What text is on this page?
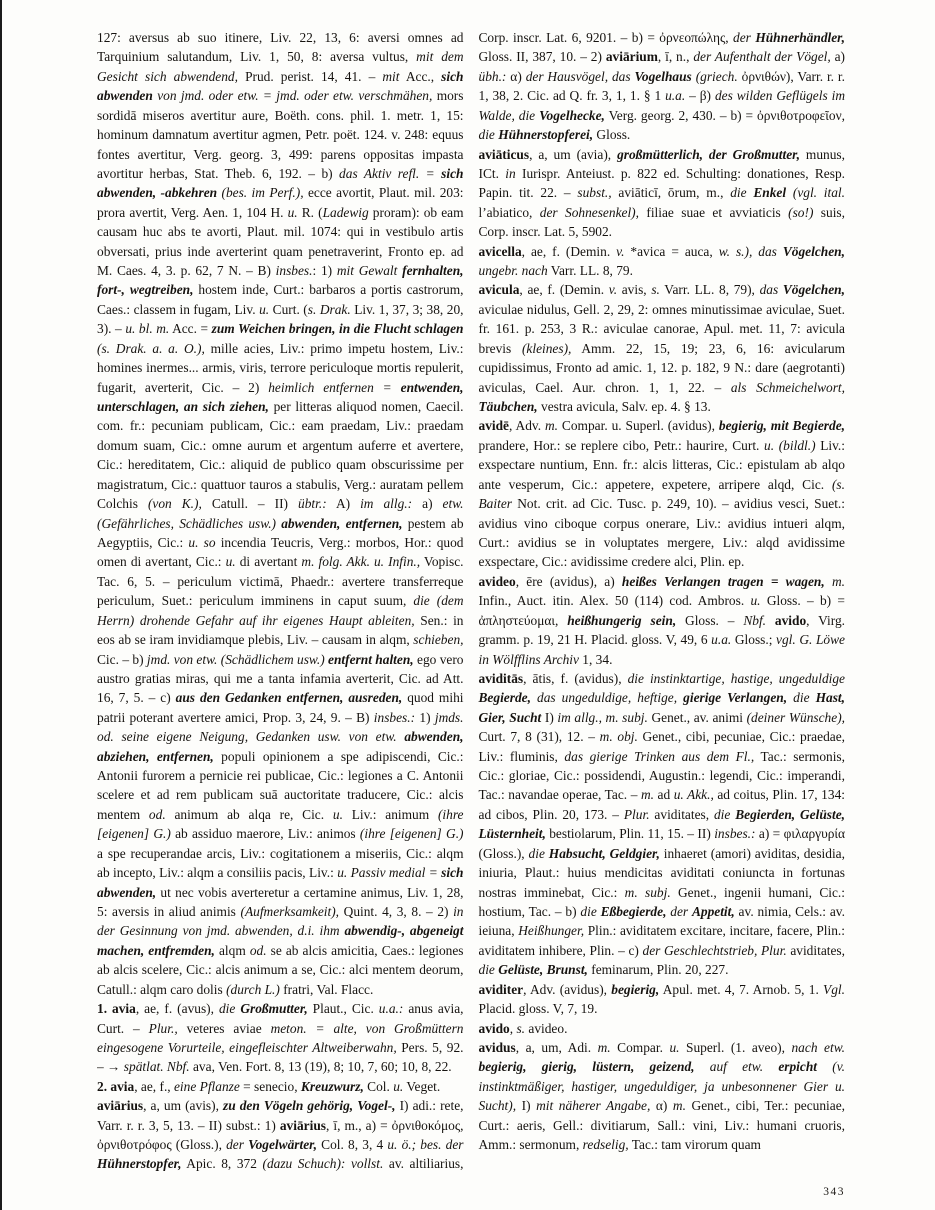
127: aversus ab suo itinere, Liv. 22, 13, 6: aversi omnes ad Tarquinium salutandum, Liv. 1, 50, 8: aversa vultus, mit dem Gesicht sich abwendend, Prud. perist. 14, 41. – mit Acc., sich abwenden von jmd. oder etw. = jmd. oder etw. verschmähen, mors sordidā miseros avertitur aure, Boëth. cons. phil. 1. metr. 1, 15: hominum damnatum avertitur agmen, Petr. poët. 124. v. 248: equus fontes avertitur, Verg. georg. 3, 499: parens oppositas impasta avortitur herbas, Stat. Theb. 6, 192. – b) das Aktiv refl. = sich abwenden, -abkehren (bes. im Perf.), ecce avortit, Plaut. mil. 203: prora avertit, Verg. Aen. 1, 104 H. u. R. (Ladewig proram): ob eam causam huc abs te avorti, Plaut. mil. 1074: qui in vestibulo artis obversati, prius inde averterint quam penetraverint, Fronto ep. ad M. Caes. 4, 3. p. 62, 7 N. – B) insbes.: 1) mit Gewalt fernhalten, fort-, wegtreiben, hostem inde, Curt.: barbaros a portis castrorum, Caes.: classem in fugam, Liv. u. Curt. (s. Drak. Liv. 1, 37, 3; 38, 20, 3). – u. bl. m. Acc. = zum Weichen bringen, in die Flucht schlagen (s. Drak. a. a. O.), mille acies, Liv.: primo impetu hostem, Liv.: homines inermes... armis, viris, terrore periculoque mortis repulerit, fugarit, averterit, Cic. – 2) heimlich entfernen = entwenden, unterschlagen, an sich ziehen, per litteras aliquod nomen, Caecil. com. fr.: pecuniam publicam, Cic.: eam praedam, Liv.: praedam domum suam, Cic.: omne aurum et argentum auferre et avertere, Cic.: hereditatem, Cic.: aliquid de publico quam obscurissime per magistratum, Cic.: quattuor tauros a stabulis, Verg.: auratam pellem Colchis (von K.), Catull. – II) übtr.: A) im allg.: a) etw. (Gefährliches, Schädliches usw.) abwenden, entfernen, pestem ab Aegyptiis, Cic.: u. so incendia Teucris, Verg.: morbos, Hor.: quod omen di avertant, Cic.: u. di avertant m. folg. Akk. u. Infin., Vopisc. Tac. 6, 5. – periculum victimā, Phaedr.: avertere transferreque periculum, Suet.: periculum imminens in caput suum, die (dem Herrn) drohende Gefahr auf ihr eigenes Haupt ableiten, Sen.: in eos ab se iram invidiamque plebis, Liv. – causam in alqm, schieben, Cic. – b) jmd. von etw. (Schädlichem usw.) entfernt halten, ego vero austro gratias miras, qui me a tanta infamia averterit, Cic. ad Att. 16, 7, 5. – c) aus den Gedanken entfernen, ausreden, quod mihi patrii poterant avertere amici, Prop. 3, 24, 9. – B) insbes.: 1) jmds. od. seine eigene Neigung, Gedanken usw. von etw. abwenden, abziehen, entfernen, populi opinionem a spe adipiscendi, Cic.: Antonii furorem a pernicie rei publicae, Cic.: legiones a C. Antonii scelere et ad rem publicam suā auctoritate traducere, Cic.: alcis mentem od. animum ab alqa re, Cic. u. Liv.: animum (ihre [eigenen] G.) ab assiduo maerore, Liv.: animos (ihre [eigenen] G.) a spe recuperandae arcis, Liv.: cogitationem a miseriis, Cic.: alqm ab incepto, Liv.: alqm a consiliis pacis, Liv.: u. Passiv medial = sich abwenden, ut nec vobis averteretur a certamine animus, Liv. 1, 28, 5: aversis in aliud animis (Aufmerksamkeit), Quint. 4, 3, 8. – 2) in der Gesinnung von jmd. abwenden, d.i. ihm abwendig-, abgeneigt machen, entfremden, alqm od. se ab alcis amicitia, Caes.: legiones ab alcis scelere, Cic.: alcis animum a se, Cic.: alci mentem deorum, Catull.: alqm caro dolis (durch L.) fratri, Val. Flacc.

1. avia, ae, f. (avus), die Großmutter, Plaut., Cic. u.a.: anus avia, Curt. – Plur., veteres aviae meton. = alte, von Großmüttern eingesogene Vorurteile, eingefleischter Altweiberwahn, Pers. 5, 92. – → spätlat. Nbf. ava, Ven. Fort. 8, 13 (19), 8; 10, 7, 60; 10, 8, 22.

2. avia, ae, f., eine Pflanze = senecio, Kreuzwurz, Col. u. Veget.

aviārius, a, um (avis), zu den Vögeln gehörig, Vogel-, I) adi.: rete, Varr. r. r. 3, 5, 13. – II) subst.: 1) aviārius, ī, m., a) = ὀρνιθοκόμος, ὀρνιθοτρόφος (Gloss.), der Vogelwärter, Col. 8, 3, 4 u. ö.; bes. der Hühnerstopfer, Apic. 8, 372 (dazu Schuch): vollst. av. altiliarius, Corp. inscr. Lat. 6, 9201. – b) = ὀρνεοπώλης, der Hühnerhändler, Gloss. II, 387, 10. – 2) aviārium, ī, n., der Aufenthalt der Vögel, a) übh.: α) der Hausvögel, das Vogelhaus (griech. ὀρνιθών), Varr. r. r. 1, 38, 2. Cic. ad Q. fr. 3, 1, 1. § 1 u.a. – β) des wilden Geflügels im Walde, die Vogelhecke, Verg. georg. 2, 430. – b) = ὀρνιθοτροφεῖον, die Hühnerstopferei, Gloss.

aviāticus, a, um (avia), großmütterlich, der Großmutter, munus, ICt. in Iurispr. Anteiust. p. 822 ed. Schulting: donationes, Resp. Papin. tit. 22. – subst., aviāticī, ōrum, m., die Enkel (vgl. ital. l’abiatico, der Sohnesenkel), filiae suae et avviaticis (so!) suis, Corp. inscr. Lat. 5, 5902.

avicella, ae, f. (Demin. v. *avica = auca, w. s.), das Vögelchen, ungebr. nach Varr. LL. 8, 79.

avicula, ae, f. (Demin. v. avis, s. Varr. LL. 8, 79), das Vögelchen, aviculae nidulus, Gell. 2, 29, 2: omnes minutissimae aviculae, Suet. fr. 161. p. 253, 3 R.: aviculae canorae, Apul. met. 11, 7: avicula brevis (kleines), Amm. 22, 15, 19; 23, 6, 16: avicularum cupidissimus, Fronto ad amic. 1, 12. p. 182, 9 N.: dare (aegrotanti) aviculas, Cael. Aur. chron. 1, 1, 22. – als Schmeichelwort, Täubchen, vestra avicula, Salv. ep. 4. § 13.

avidē, Adv. m. Compar. u. Superl. (avidus), begierig, mit Begierde, prandere, Hor.: se replere cibo, Petr.: haurire, Curt. u. (bildl.) Liv.: exspectare nuntium, Enn. fr.: alcis litteras, Cic.: epistulam ab alqo ante vesperum, Cic.: appetere, expetere, arripere alqd, Cic. (s. Baiter Not. crit. ad Cic. Tusc. p. 249, 10). – avidius vesci, Suet.: avidius vino ciboque corpus onerare, Liv.: avidius intueri alqm, Curt.: avidius se in voluptates mergere, Liv.: alqd avidissime exspectare, Cic.: avidissime credere alci, Plin. ep.

avideo, ēre (avidus), a) heißes Verlangen tragen = wagen, m. Infin., Auct. itin. Alex. 50 (114) cod. Ambros. u. Gloss. – b) = ἀπληστεύομαι, heißhungerig sein, Gloss. – Nbf. avido, Virg. gramm. p. 19, 21 H. Placid. gloss. V, 49, 6 u.a. Gloss.; vgl. G. Löwe in Wölfflins Archiv 1, 34.

aviditās, ātis, f. (avidus), die instinktartige, hastige, ungeduldige Begierde, das ungeduldige, heftige, gierige Verlangen, die Hast, Gier, Sucht I) im allg., m. subj. Genet., av. animi (deiner Wünsche), Curt. 7, 8 (31), 12. – m. obj. Genet., cibi, pecuniae, Cic.: praedae, Liv.: fluminis, das gierige Trinken aus dem Fl., Tac.: sermonis, Cic.: gloriae, Cic.: possidendi, Augustin.: legendi, Cic.: imperandi, Tac.: navandae operae, Tac. – m. ad u. Akk., ad coitus, Plin. 17, 134: ad cibos, Plin. 20, 173. – Plur. aviditates, die Begierden, Gelüste, Lüsternheit, bestiolarum, Plin. 11, 15. – II) insbes.: a) = φιλαργυρία (Gloss.), die Habsucht, Geldgier, inhaeret (amori) aviditas, desidia, iniuria, Plaut.: huius mendicitas aviditati coniuncta in fortunas nostras imminebat, Cic.: m. subj. Genet., ingenii humani, Cic.: hostium, Tac. – b) die Eßbegierde, der Appetit, av. nimia, Cels.: av. ieiuna, Heißhunger, Plin.: aviditatem excitare, incitare, facere, Plin.: aviditatem inhibere, Plin. – c) der Geschlechtstrieb, Plur. aviditates, die Gelüste, Brunst, feminarum, Plin. 20, 227.

aviditer, Adv. (avidus), begierig, Apul. met. 4, 7. Arnob. 5, 1. Vgl. Placid. gloss. V, 7, 19.

avido, s. avideo.

avidus, a, um, Adi. m. Compar. u. Superl. (1. aveo), nach etw. begierig, gierig, lüstern, geizend, auf etw. erpicht (v. instinktmäßiger, hastiger, ungeduldiger, ja unbesonnener Gier u. Sucht), I) mit näherer Angabe, α) m. Genet., cibi, Ter.: pecuniae, Curt.: aeris, Gell.: divitiarum, Sall.: vini, Liv.: humani cruoris, Amm.: sermonum, redselig, Tac.: tam virorum quam

343
